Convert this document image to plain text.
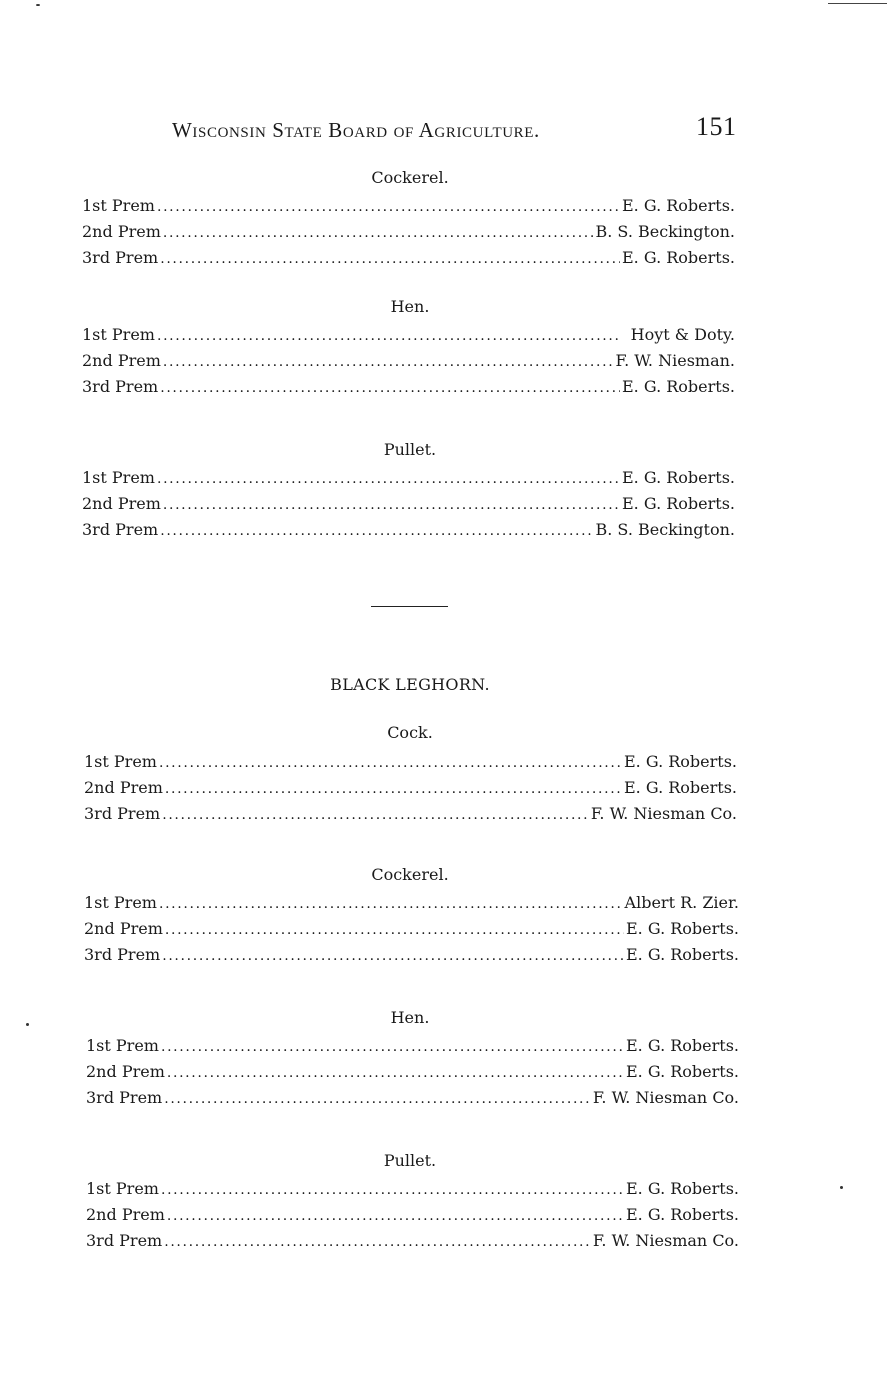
Wisconsin State Board of Agriculture.	151
Cockerel.
1st Prem . . .	E. G. Roberts.
2nd Prem . . .	B. S. Beckington.
3rd Prem . . .	E. G. Roberts.
Hen.
1st Prem . . .	Hoyt & Doty.
2nd Prem . . .	F. W. Niesman.
3rd Prem . . .	E. G. Roberts.
Pullet.
1st Prem . . .	E. G. Roberts.
2nd Prem . . .	E. G. Roberts.
3rd Prem . . .	B. S. Beckington.
BLACK LEGHORN.
Cock.
1st Prem . . .	E. G. Roberts.
2nd Prem . . .	E. G. Roberts.
3rd Prem . . .	F. W. Niesman Co.
Cockerel.
1st Prem . . .	Albert R. Zier.
2nd Prem . . .	E. G. Roberts.
3rd Prem . . .	E. G. Roberts.
Hen.
1st Prem . . .	E. G. Roberts.
2nd Prem . . .	E. G. Roberts.
3rd Prem . . .	F. W. Niesman Co.
Pullet.
1st Prem . . .	E. G. Roberts.
2nd Prem . . .	E. G. Roberts.
3rd Prem . . .	F. W. Niesman Co.
